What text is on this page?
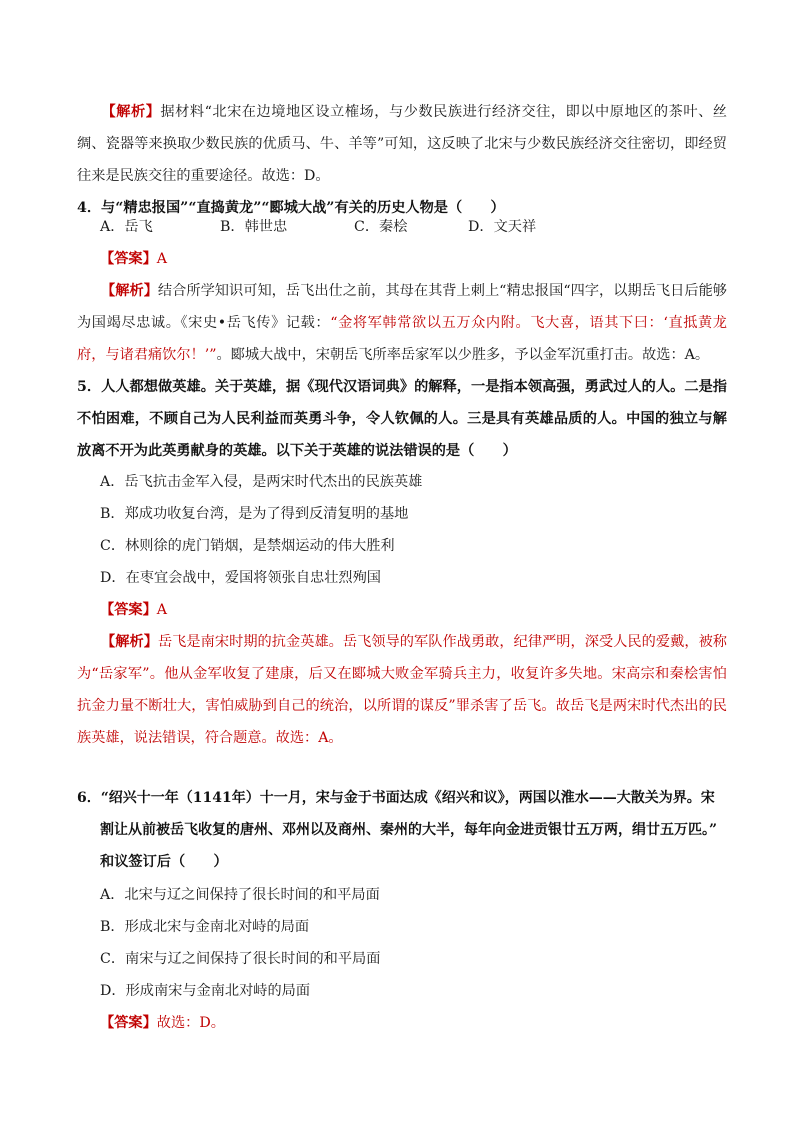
【解析】据材料“北宋在边境地区设立榷场，与少数民族进行经济交往，即以中原地区的茶叶、丝绸、瓷器等来换取少数民族的优质马、牛、羊等”可知，这反映了北宋与少数民族经济交往密切，即经贸往来是民族交往的重要途径。故选：D。
4．与“精忠报国”“直捣黄龙”“郾城大战”有关的历史人物是（　　）
A．岳飞	B．韩世忠	C．秦桧	D．文天祥
【答案】A
【解析】结合所学知识可知，岳飞出仕之前，其母在其背上刺上“精忠报国“四字，以期岳飞日后能够为国竭尽忠诚。《宋史•岳飞传》记载：“金将军韩常欲以五万众内附。飞大喜，语其下曰：‘直抵黄龙府，与诸君痛饮尔！’”。郾城大战中，宋朝岳飞所率岳家军以少胜多，予以金军沉重打击。故选：A。
5．人人都想做英雄。关于英雄，据《现代汉语词典》的解释，一是指本领高强，勇武过人的人。二是指不怕困难，不顾自己为人民利益而英勇斗争，令人钦佩的人。三是具有英雄品质的人。中国的独立与解放离不开为此英勇献身的英雄。以下关于英雄的说法错误的是（　　）
A．岳飞抗击金军入侵，是两宋时代杰出的民族英雄
B．郑成功收复台湾，是为了得到反清复明的基地
C．林则徐的虎门销烟，是禁烟运动的伟大胜利
D．在枣宜会战中，爱国将领张自忠壮烈殉国
【答案】A
【解析】岳飞是南宋时期的抗金英雄。岳飞领导的军队作战勇敢，纪律严明，深受人民的爱戴，被称为“岳家军”。他从金军收复了建康，后又在郾城大败金军骑兵主力，收复许多失地。宋高宗和秦桧害怕抗金力量不断壮大，害怕威胁到自己的统治，以所谓的谋反”罪杀害了岳飞。故岳飞是两宋时代杰出的民族英雄，说法错误，符合题意。故选：A。
6．“绍兴十一年（1141年）十一月，宋与金于书面达成《绍兴和议》，两国以淮水——大散关为界。宋
割让从前被岳飞收复的唐州、邓州以及商州、秦州的大半，每年向金进贡银廿五万两，绢廿五万匹。”
和议签订后（　　）
A．北宋与辽之间保持了很长时间的和平局面
B．形成北宋与金南北对峙的局面
C．南宋与辽之间保持了很长时间的和平局面
D．形成南宋与金南北对峙的局面
【答案】故选：D。
